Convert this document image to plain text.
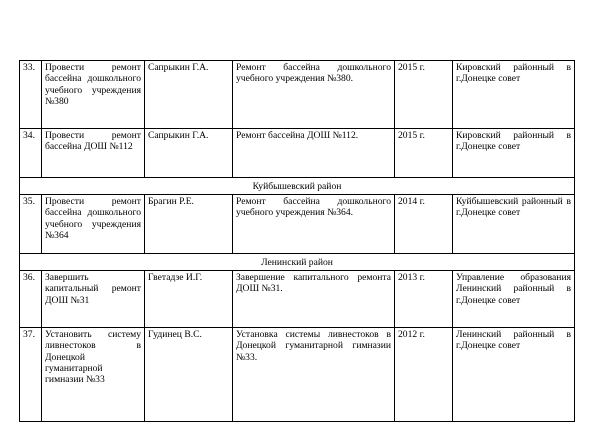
33.	Провести ремонт бассейна дошкольного учебного учреждения №380	Сапрыкин Г.А.	Ремонт бассейна дошкольного учебного учреждения №380.	2015 г.	Кировский районный в г.Донецке совет
34.	Провести ремонт бассейна ДОШ №112	Сапрыкин Г.А.	Ремонт бассейна ДОШ №112.	2015 г.	Кировский районный в г.Донецке совет
Куйбышевский район					
35.	Провести ремонт бассейна дошкольного учебного учреждения №364	Брагин Р.Е.	Ремонт бассейна дошкольного учебного учреждения №364.	2014 г.	Куйбышевский районный в г.Донецке совет
Ленинский район					
36.	Завершить капитальный ремонт ДОШ №31	Гветадзе И.Г.	Завершение капитального ремонта ДОШ №31.	2013 г.	Управление образования Ленинский районный в г.Донецке совет
37.	Установить систему ливнестоков в Донецкой гуманитарной гимназии №33	Гудинец В.С.	Установка системы ливнестоков в Донецкой гуманитарной гимназии №33.	2012 г.	Ленинский районный в г.Донецке совет
